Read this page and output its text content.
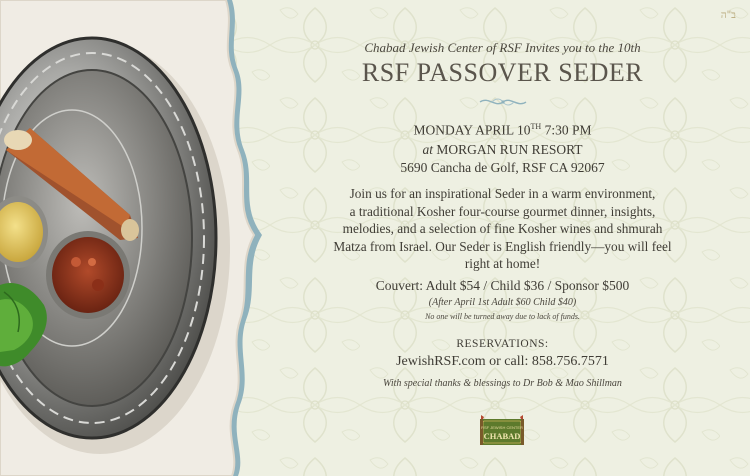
ב"ה
Chabad Jewish Center of RSF Invites you to the 10th
RSF PASSOVER SEDER
MONDAY APRIL 10TH 7:30 PM
at MORGAN RUN RESORT
5690 Cancha de Golf, RSF CA 92067
Join us for an inspirational Seder in a warm environment,
a traditional Kosher four-course gourmet dinner, insights,
melodies, and a selection of fine Kosher wines and shmurah
Matza from Israel. Our Seder is English friendly—you will feel
right at home!
Couvert: Adult $54 / Child $36 / Sponsor $500
(After April 1st Adult $60 Child $40)
No one will be turned away due to lack of funds.
RESERVATIONS:
JewishRSF.com or call: 858.756.7571
With special thanks & blessings to Dr Bob & Mao Shillman
RSF JEWISH CENTER
CHABAD
